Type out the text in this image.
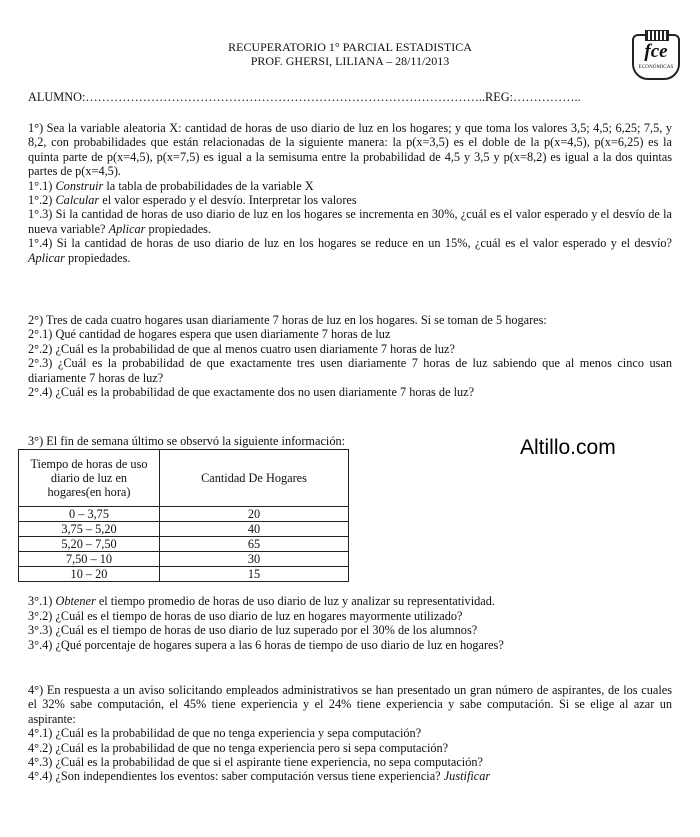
RECUPERATORIO 1° PARCIAL ESTADISTICA
PROF. GHERSI, LILIANA – 28/11/2013	fce
ECONÓMICAS
ALUMNO:……………………………………………………………………………………..REG:……………..

1°) Sea la variable aleatoria X: cantidad de horas de uso diario de luz en los hogares; y que toma los valores 3,5; 4,5; 6,25; 7,5, y 8,2, con probabilidades que están relacionadas de la siguiente manera: la p(x=3,5) es el doble de la p(x=4,5), p(x=6,25) es la quinta parte de p(x=4,5), p(x=7,5) es igual a la semisuma entre la probabilidad de 4,5 y 3,5 y p(x=8,2) es igual a la dos quintas partes de p(x=4,5).

1°.1) Construir la tabla de probabilidades de la variable X

1°.2) Calcular el valor esperado y el desvío. Interpretar los valores

1°.3) Si la cantidad de horas de uso diario de luz en los hogares se incrementa en 30%, ¿cuál es el valor esperado y el desvío de la nueva variable? Aplicar propiedades.

1°.4) Si la cantidad de horas de uso diario de luz en los hogares se reduce en un 15%, ¿cuál es el valor esperado y el desvío? Aplicar propiedades.

2°) Tres de cada cuatro hogares usan diariamente 7 horas de luz en los hogares. Si se toman de 5 hogares:

2°.1) Qué cantidad de hogares espera que usen diariamente 7 horas de luz

2°.2) ¿Cuál es la probabilidad de que al menos cuatro usen diariamente 7 horas de luz?

2°.3) ¿Cuál es la probabilidad de que exactamente tres usen diariamente 7 horas de luz sabiendo que al menos cinco usan diariamente 7 horas de luz?

2°.4) ¿Cuál es la probabilidad de que exactamente dos no usen diariamente 7 horas de luz?

3°) El fin de semana último se observó la siguiente información:	Altillo.com
Tiempo de horas de uso diario de luz en hogares(en hora)	Cantidad De Hogares
0 – 3,75	20
3,75 – 5,20	40
5,20 – 7,50	65
7,50 – 10	30
10 – 20	15
3°.1) Obtener el tiempo promedio de horas de uso diario de luz y analizar su representatividad.
3°.2) ¿Cuál es el tiempo de horas de uso diario de luz en hogares mayormente utilizado?
3°.3) ¿Cuál es el tiempo de horas de uso diario de luz superado por el 30% de los alumnos?
3°.4) ¿Qué porcentaje de hogares supera a las 6 horas de tiempo de uso diario de luz en hogares?

4°) En respuesta a un aviso solicitando empleados administrativos se han presentado un gran número de aspirantes, de los cuales el 32% sabe computación, el 45% tiene experiencia y el 24% tiene experiencia y sabe computación. Si se elige al azar un aspirante:

4°.1) ¿Cuál es la probabilidad de que no tenga experiencia y sepa computación?

4°.2) ¿Cuál es la probabilidad de que no tenga experiencia pero si sepa computación?

4°.3) ¿Cuál es la probabilidad de que si el aspirante tiene experiencia, no sepa computación?

4°.4) ¿Son independientes los eventos: saber computación versus tiene experiencia? Justificar
